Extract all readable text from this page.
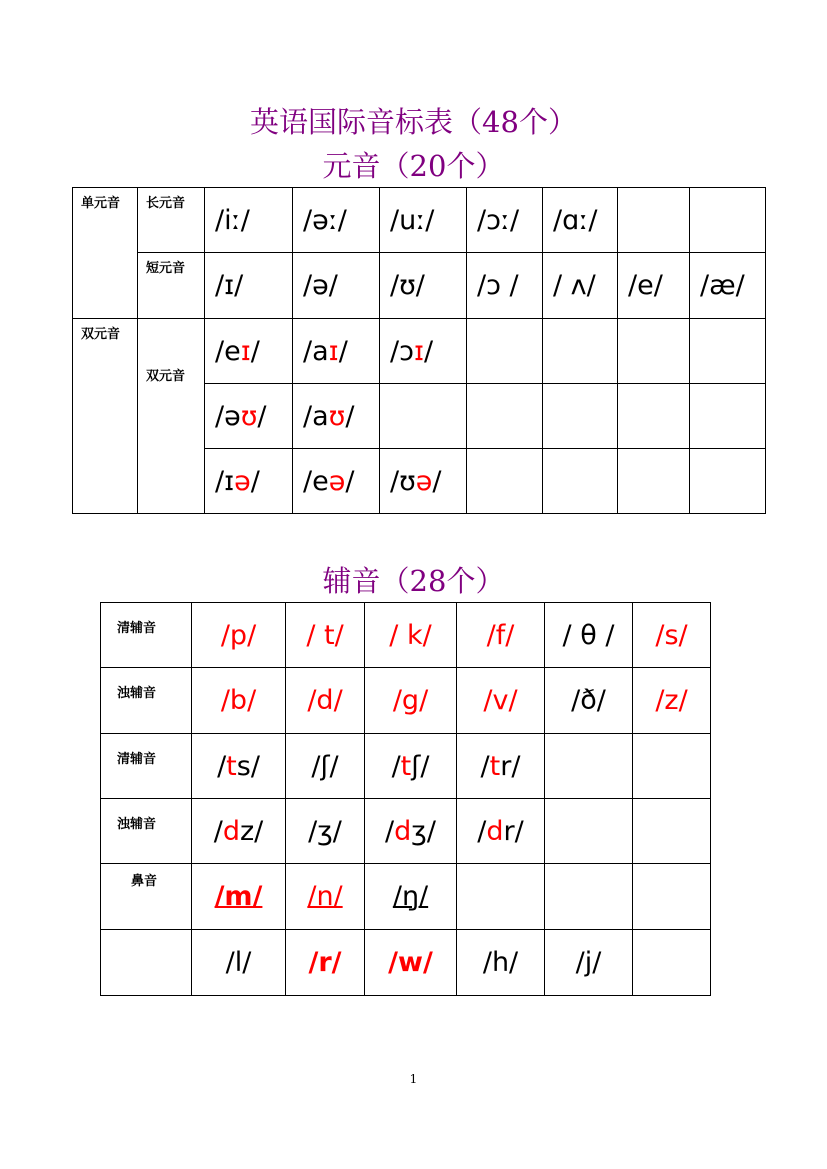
英语国际音标表（48个）
元音（20个）
单元音	长元音	/iː/	/əː/	/uː/	/ɔː/	/ɑː/		
	短元音	/ɪ/	/ə/	/ʊ/	/ɔ /	/ ʌ/	/e/	/æ/
双元音	双元音	/eɪ/	/aɪ/	/ɔɪ/				
		/əʊ/	/aʊ/					
		/ɪə/	/eə/	/ʊə/				
辅音（28个）
清辅音	/p/	/ t/	/ k/	/f/	/ θ /	/s/
浊辅音	/b/	/d/	/g/	/v/	/ð/	/z/
清辅音	/ts/	/ʃ/	/tʃ/	/tr/		
浊辅音	/dz/	/ʒ/	/dʒ/	/dr/		
鼻音	/m/	/n/	/ŋ/			
	/l/	/r/	/w/	/h/	/j/	
1
